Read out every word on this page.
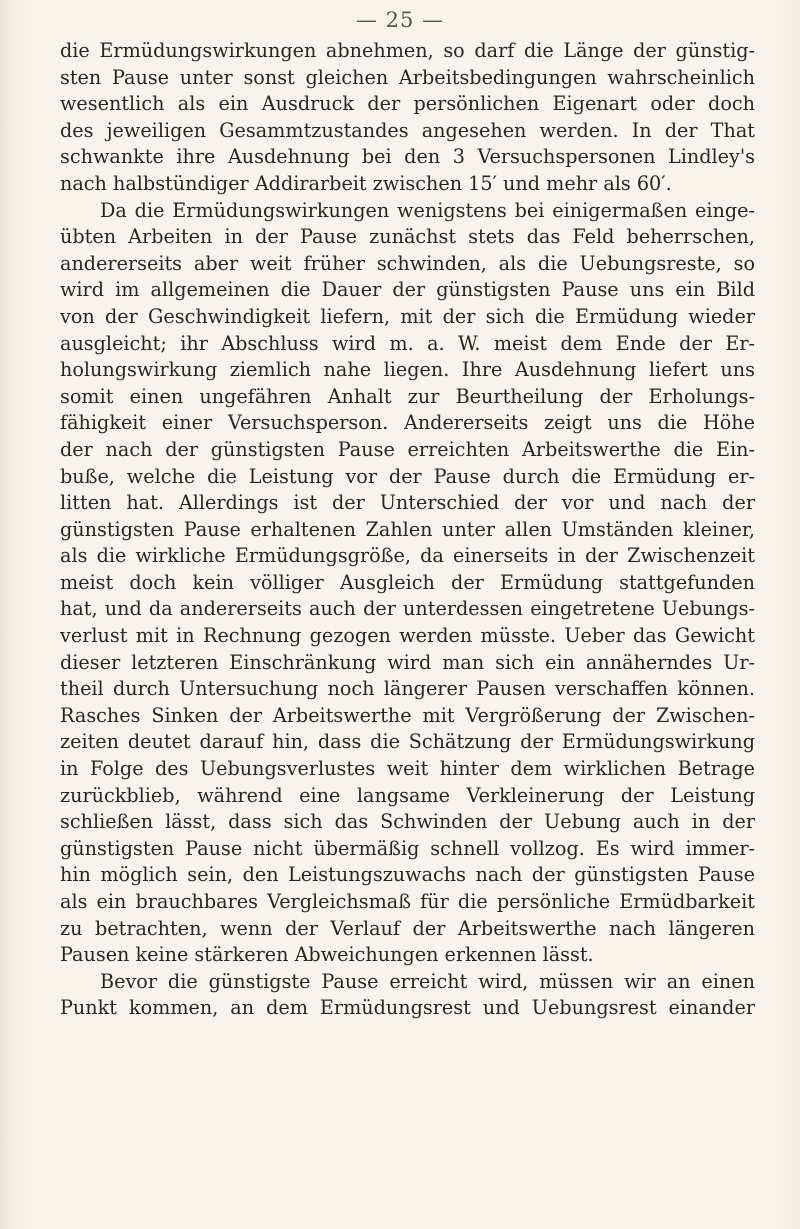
— 25 —

die Ermüdungswirkungen abnehmen, so darf die Länge der günstig-
sten Pause unter sonst gleichen Arbeitsbedingungen wahrscheinlich
wesentlich als ein Ausdruck der persönlichen Eigenart oder doch
des jeweiligen Gesammtzustandes angesehen werden. In der That
schwankte ihre Ausdehnung bei den 3 Versuchspersonen Lindley's
nach halbstündiger Addirarbeit zwischen 15′ und mehr als 60′.

Da die Ermüdungswirkungen wenigstens bei einigermaßen einge-
übten Arbeiten in der Pause zunächst stets das Feld beherrschen,
andererseits aber weit früher schwinden, als die Uebungsreste, so
wird im allgemeinen die Dauer der günstigsten Pause uns ein Bild
von der Geschwindigkeit liefern, mit der sich die Ermüdung wieder
ausgleicht; ihr Abschluss wird m. a. W. meist dem Ende der Er-
holungswirkung ziemlich nahe liegen. Ihre Ausdehnung liefert uns
somit einen ungefähren Anhalt zur Beurtheilung der Erholungs-
fähigkeit einer Versuchsperson. Andererseits zeigt uns die Höhe
der nach der günstigsten Pause erreichten Arbeitswerthe die Ein-
buße, welche die Leistung vor der Pause durch die Ermüdung er-
litten hat. Allerdings ist der Unterschied der vor und nach der
günstigsten Pause erhaltenen Zahlen unter allen Umständen kleiner,
als die wirkliche Ermüdungsgröße, da einerseits in der Zwischenzeit
meist doch kein völliger Ausgleich der Ermüdung stattgefunden
hat, und da andererseits auch der unterdessen eingetretene Uebungs-
verlust mit in Rechnung gezogen werden müsste. Ueber das Gewicht
dieser letzteren Einschränkung wird man sich ein annäherndes Ur-
theil durch Untersuchung noch längerer Pausen verschaffen können.
Rasches Sinken der Arbeitswerthe mit Vergrößerung der Zwischen-
zeiten deutet darauf hin, dass die Schätzung der Ermüdungswirkung
in Folge des Uebungsverlustes weit hinter dem wirklichen Betrage
zurückblieb, während eine langsame Verkleinerung der Leistung
schließen lässt, dass sich das Schwinden der Uebung auch in der
günstigsten Pause nicht übermäßig schnell vollzog. Es wird immer-
hin möglich sein, den Leistungszuwachs nach der günstigsten Pause
als ein brauchbares Vergleichsmaß für die persönliche Ermüdbarkeit
zu betrachten, wenn der Verlauf der Arbeitswerthe nach längeren
Pausen keine stärkeren Abweichungen erkennen lässt.

Bevor die günstigste Pause erreicht wird, müssen wir an einen
Punkt kommen, an dem Ermüdungsrest und Uebungsrest einander
